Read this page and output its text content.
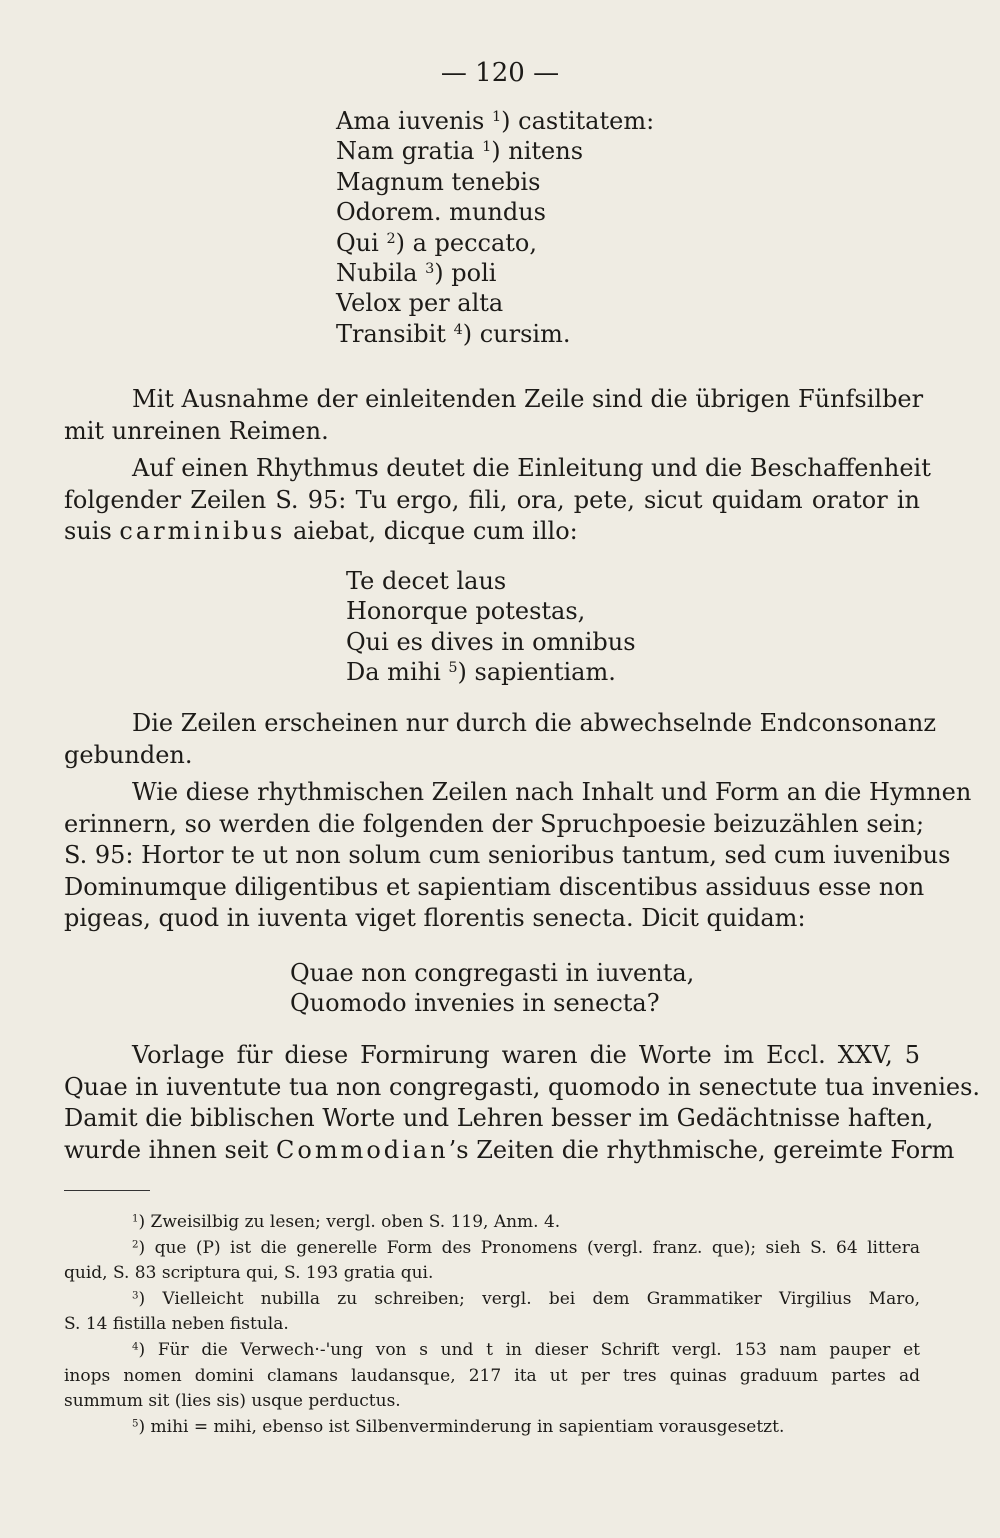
— 120 —
Ama iuvenis $^1$) castitatem:
Nam gratia $^1$) nitens
Magnum tenebis
Odorem. mundus
Qui $^2$) a peccato,
Nubila $^3$) poli
Velox per alta
Transibit $^4$) cursim.
Mit Ausnahme der einleitenden Zeile sind die übrigen Fünfsilber
mit unreinen Reimen.
Auf einen Rhythmus deutet die Einleitung und die Beschaffenheit
folgender Zeilen S. 95: Tu ergo, fili, ora, pete, sicut quidam orator in
suis carminibus aiebat, dicque cum illo:
Te decet laus
Honorque potestas,
Qui es dives in omnibus
Da mihi $^5$) sapientiam.
Die Zeilen erscheinen nur durch die abwechselnde Endconsonanz
gebunden.
Wie diese rhythmischen Zeilen nach Inhalt und Form an die Hymnen
erinnern, so werden die folgenden der Spruchpoesie beizuzählen sein;
S. 95: Hortor te ut non solum cum senioribus tantum, sed cum iuvenibus
Dominumque diligentibus et sapientiam discentibus assiduus esse non
pigeas, quod in iuventa viget florentis senecta. Dicit quidam:
Quae non congregasti in iuventa,
Quomodo invenies in senecta?
Vorlage für diese Formirung waren die Worte im Eccl. XXV, 5
Quae in iuventute tua non congregasti, quomodo in senectute tua invenies.
Damit die biblischen Worte und Lehren besser im Gedächtnisse haften,
wurde ihnen seit Commodian’s Zeiten die rhythmische, gereimte Form
$^1$) Zweisilbig zu lesen; vergl. oben S. 119, Anm. 4.
$^2$) que (P) ist die generelle Form des Pronomens (vergl. franz. que); sieh S. 64 littera
quid, S. 83 scriptura qui, S. 193 gratia qui.
$^3$) Vielleicht nubilla zu schreiben; vergl. bei dem Grammatiker Virgilius Maro,
S. 14 fistilla neben fistula.
$^4$) Für die Verwech·-'ung von s und t in dieser Schrift vergl. 153 nam pauper et
inops nomen domini clamans laudansque, 217 ita ut per tres quinas graduum partes ad
summum sit (lies sis) usque perductus.
$^5$) mihi = mihi, ebenso ist Silbenverminderung in sapientiam vorausgesetzt.
